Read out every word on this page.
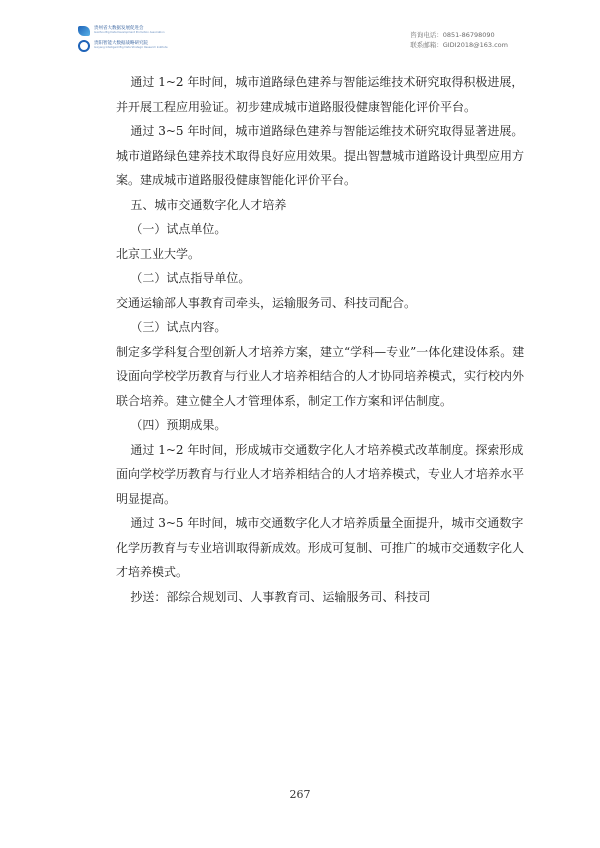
贵州省大数据发展促进会
Guizhou Big Data Development Promotion Association
贵阳智能大数据战略研究院
Guiyang Intelligent Big Data Strategic Research Institute
咨询电话：0851-86798090
联系邮箱：GIDI2018@163.com

通过 1~2 年时间，城市道路绿色建养与智能运维技术研究取得积极进展，并开展工程应用验证。初步建成城市道路服役健康智能化评价平台。

通过 3~5 年时间，城市道路绿色建养与智能运维技术研究取得显著进展。城市道路绿色建养技术取得良好应用效果。提出智慧城市道路设计典型应用方案。建成城市道路服役健康智能化评价平台。

五、城市交通数字化人才培养

（一）试点单位。

北京工业大学。

（二）试点指导单位。

交通运输部人事教育司牵头，运输服务司、科技司配合。

（三）试点内容。

制定多学科复合型创新人才培养方案，建立“学科—专业”一体化建设体系。建设面向学校学历教育与行业人才培养相结合的人才协同培养模式，实行校内外联合培养。建立健全人才管理体系，制定工作方案和评估制度。

（四）预期成果。

通过 1~2 年时间，形成城市交通数字化人才培养模式改革制度。探索形成面向学校学历教育与行业人才培养相结合的人才培养模式，专业人才培养水平明显提高。

通过 3~5 年时间，城市交通数字化人才培养质量全面提升，城市交通数字化学历教育与专业培训取得新成效。形成可复制、可推广的城市交通数字化人才培养模式。

抄送：部综合规划司、人事教育司、运输服务司、科技司

267
